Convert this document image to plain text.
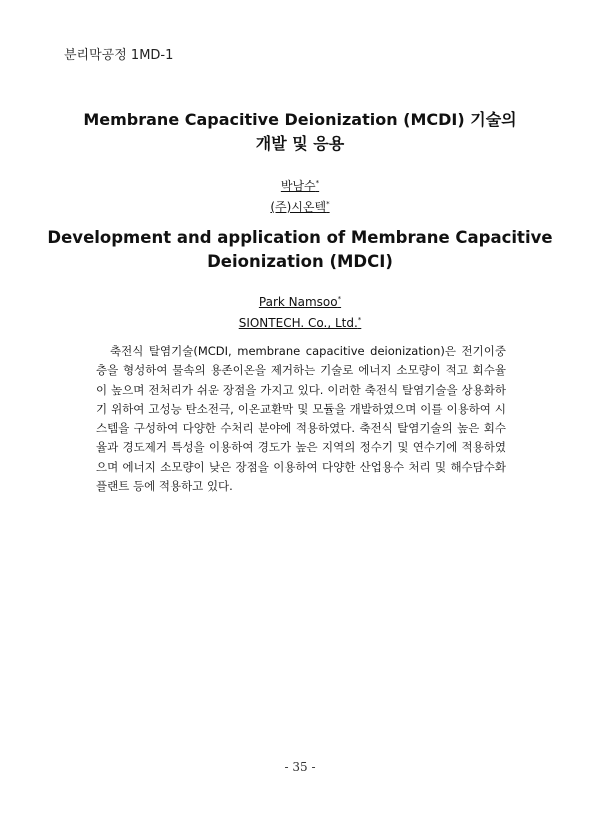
분리막공정 1MD-1
Membrane Capacitive Deionization (MCDI) 기술의
개발 및 응용
박남수*
(주)시온텍*
Development and application of Membrane Capacitive
Deionization (MDCI)
Park Namsoo*
SIONTECH. Co., Ltd.*
축전식 탈염기술(MCDI, membrane capacitive deionization)은 전기이중층을 형성하여 물속의 용존이온을 제거하는 기술로 에너지 소모량이 적고 회수율이 높으며 전처리가 쉬운 장점을 가지고 있다. 이러한 축전식 탈염기술을 상용화하기 위하여 고성능 탄소전극, 이온교환막 및 모듈을 개발하였으며 이를 이용하여 시스템을 구성하여 다양한 수처리 분야에 적용하였다. 축전식 탈염기술의 높은 회수율과 경도제거 특성을 이용하여 경도가 높은 지역의 정수기 및 연수기에 적용하였으며 에너지 소모량이 낮은 장점을 이용하여 다양한 산업용수 처리 및 해수담수화 플랜트 등에 적용하고 있다.
- 35 -
